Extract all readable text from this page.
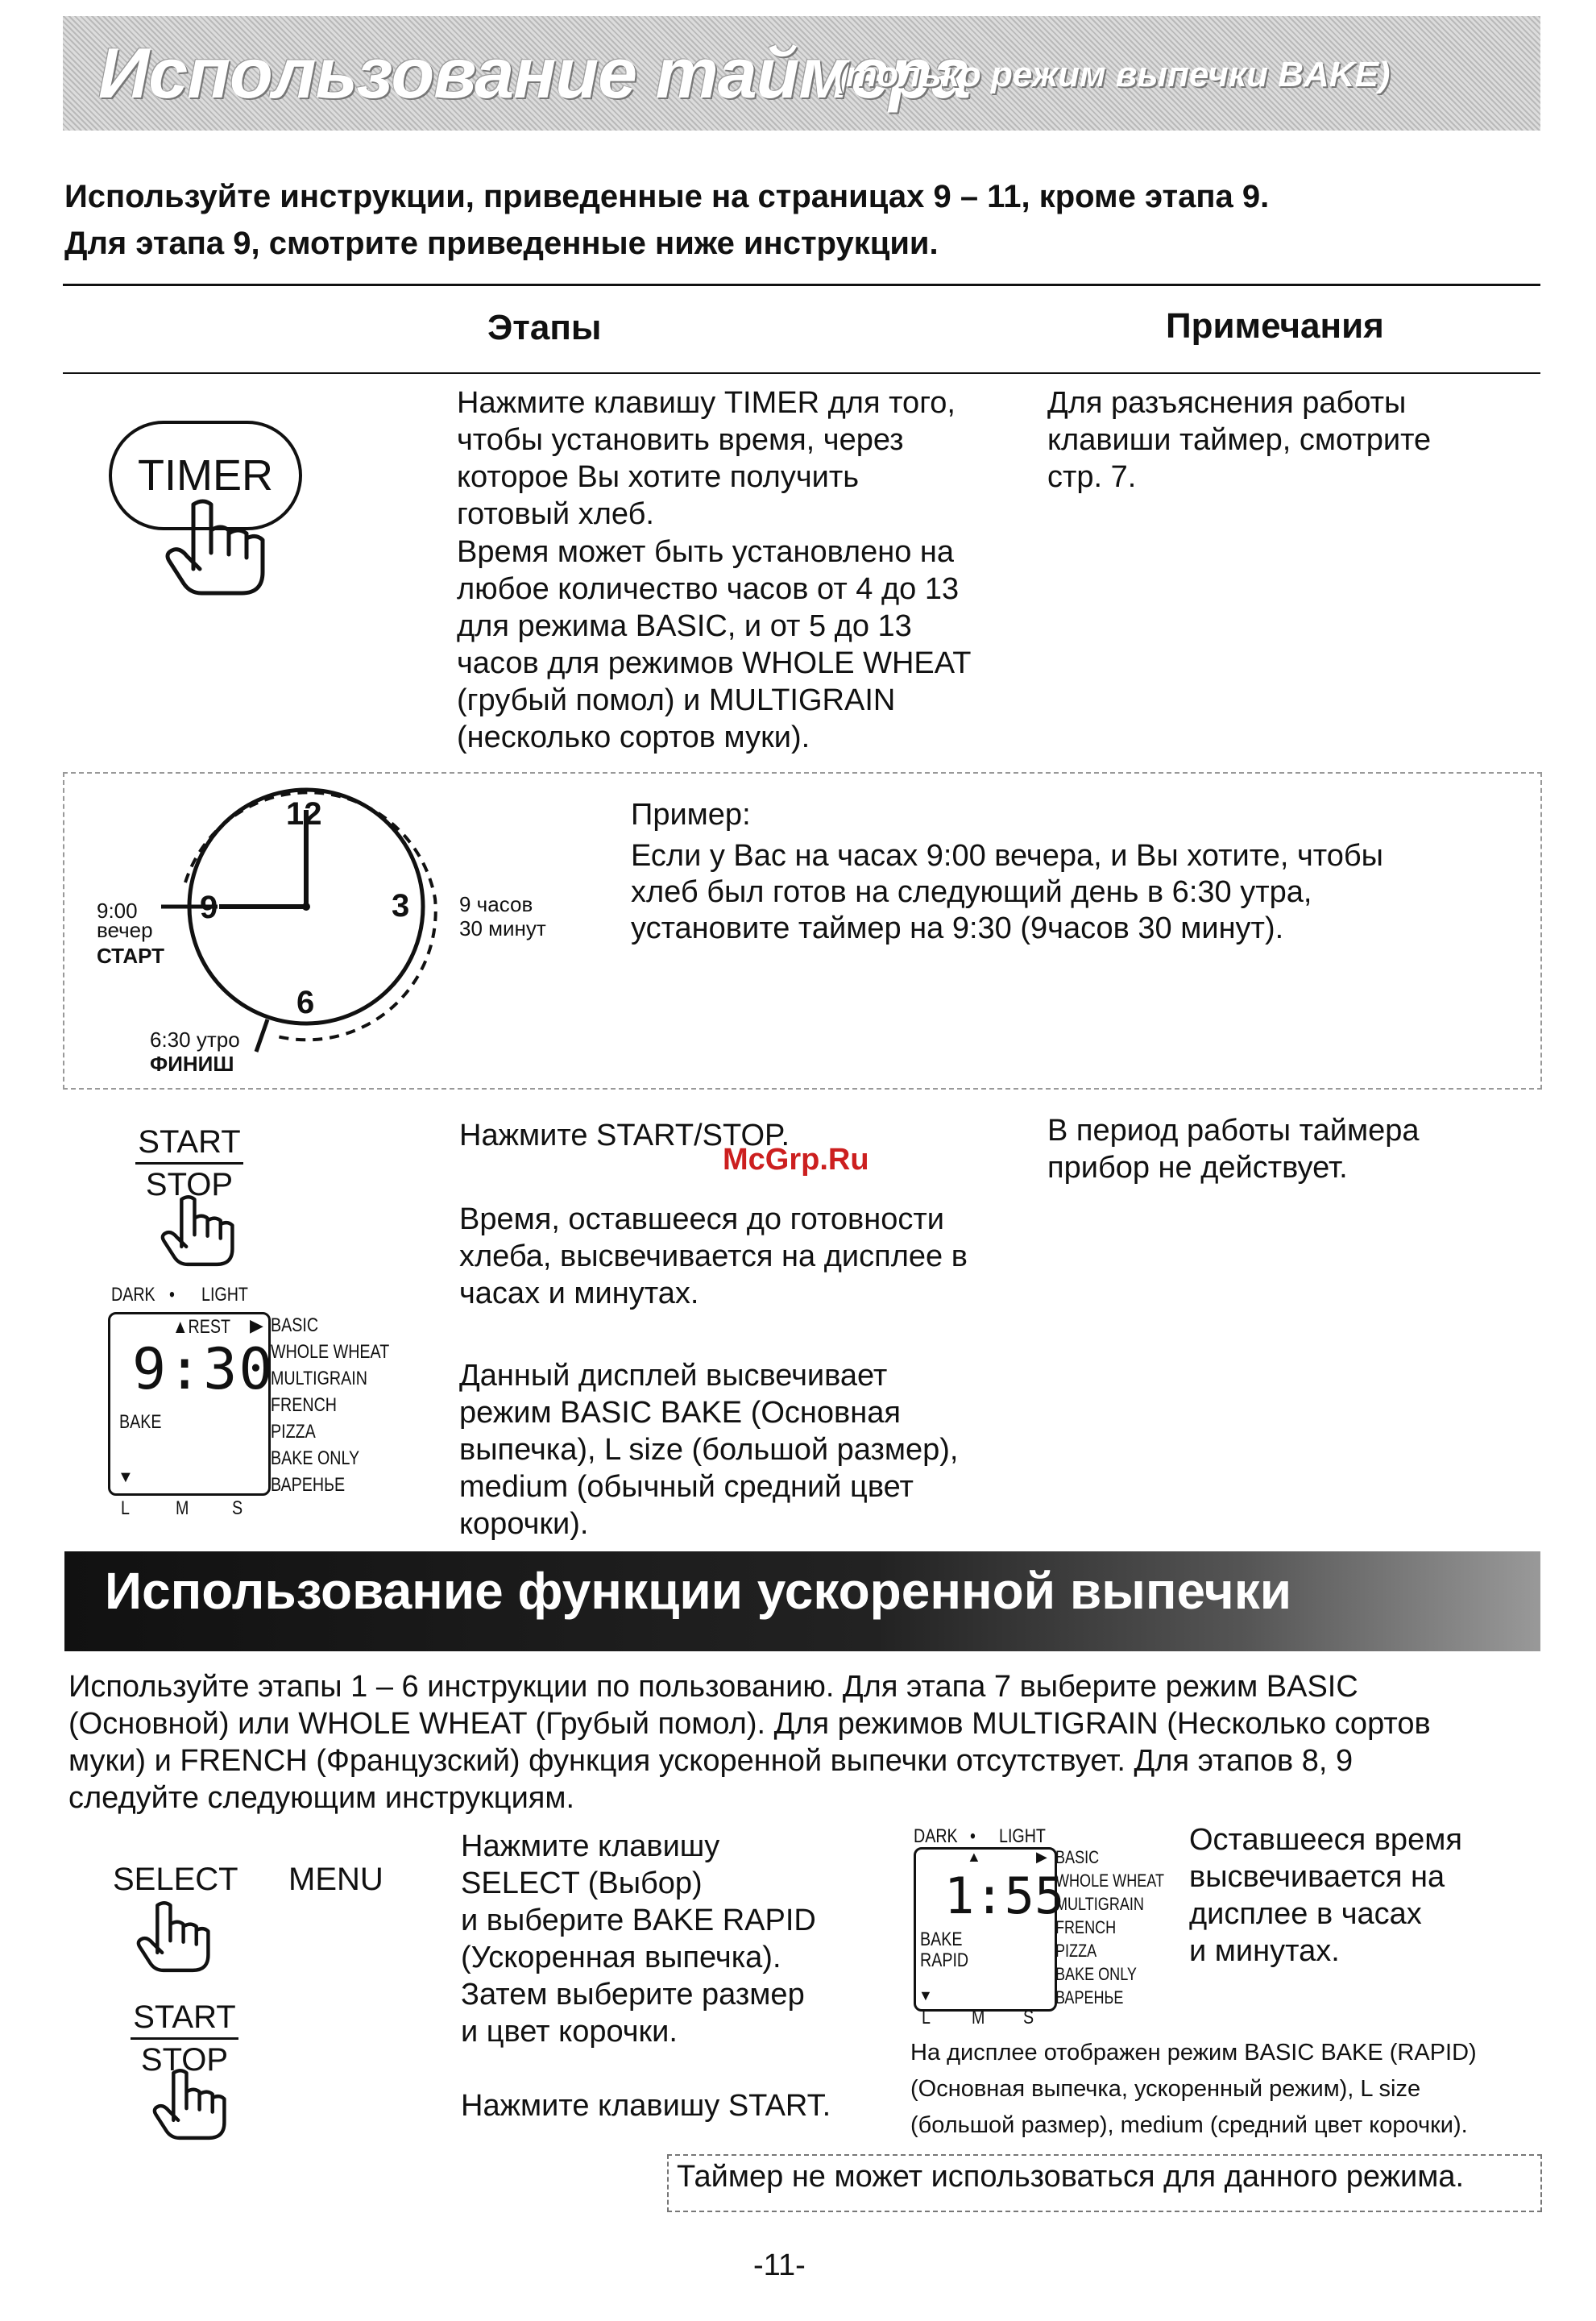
Использование таймера
(только режим выпечки BAKE)
Используйте инструкции, приведенные на страницах 9 – 11, кроме этапа 9.
Для этапа 9, смотрите приведенные ниже инструкции.
Этапы	Примечания
TIMER
Нажмите клавишу TIMER для того,
чтобы установить время, через
которое Вы хотите получить
готовый хлеб.
Время может быть установлено на
любое количество часов от 4 до 13
для режима BASIC, и от 5 до 13
часов для режимов WHOLE WHEAT
(грубый помол) и MULTIGRAIN
(несколько сортов муки).
Для разъяснения работы
клавиши таймер, смотрите
стр. 7.
12
3
6
9
9:00
вечер
СТАРТ
6:30 утро
ФИНИШ
9 часов
30 минут
Пример:
Если у Вас на часах 9:00 вечера, и Вы хотите, чтобы
хлеб был готов на следующий день в 6:30 утра,
установите таймер на 9:30 (9часов 30 минут).
START
STOP
DARK • LIGHT
▲REST ▶
9:30
BAKE
▼
BASIC
WHOLE WHEAT
MULTIGRAIN
FRENCH
PIZZA
BAKE ONLY
ВАРЕНЬЕ
L M S
Нажмите START/STOP.
McGrp.Ru
Время, оставшееся до готовности
хлеба, высвечивается на дисплее в
часах и минутах.
Данный дисплей высвечивает
режим BASIC BAKE (Основная
выпечка), L size (большой размер),
medium (обычный средний цвет
корочки).
В период работы таймера
прибор не действует.
Использование функции ускоренной выпечки
Используйте этапы 1 – 6 инструкции по пользованию. Для этапа 7 выберите режим BASIC
(Основной) или WHOLE WHEAT (Грубый помол). Для режимов MULTIGRAIN (Несколько сортов
муки) и FRENCH (Французский) функция ускоренной выпечки отсутствует. Для этапов 8, 9
следуйте следующим инструкциям.
SELECT MENU
START
STOP
Нажмите клавишу
SELECT (Выбор)
и выберите BAKE RAPID
(Ускоренная выпечка).
Затем выберите размер
и цвет корочки.
Нажмите клавишу START.
DARK • LIGHT
▲	▶
1:55
BAKE
RAPID
▼
BASIC
WHOLE WHEAT
MULTIGRAIN
FRENCH
PIZZA
BAKE ONLY
ВАРЕНЬЕ
L M S
Оставшееся время
высвечивается на
дисплее в часах
и минутах.
На дисплее отображен режим BASIC BAKE (RAPID)
(Основная выпечка, ускоренный режим), L size
(большой размер), medium (средний цвет корочки).
Таймер не может использоваться для данного режима.
-11-
